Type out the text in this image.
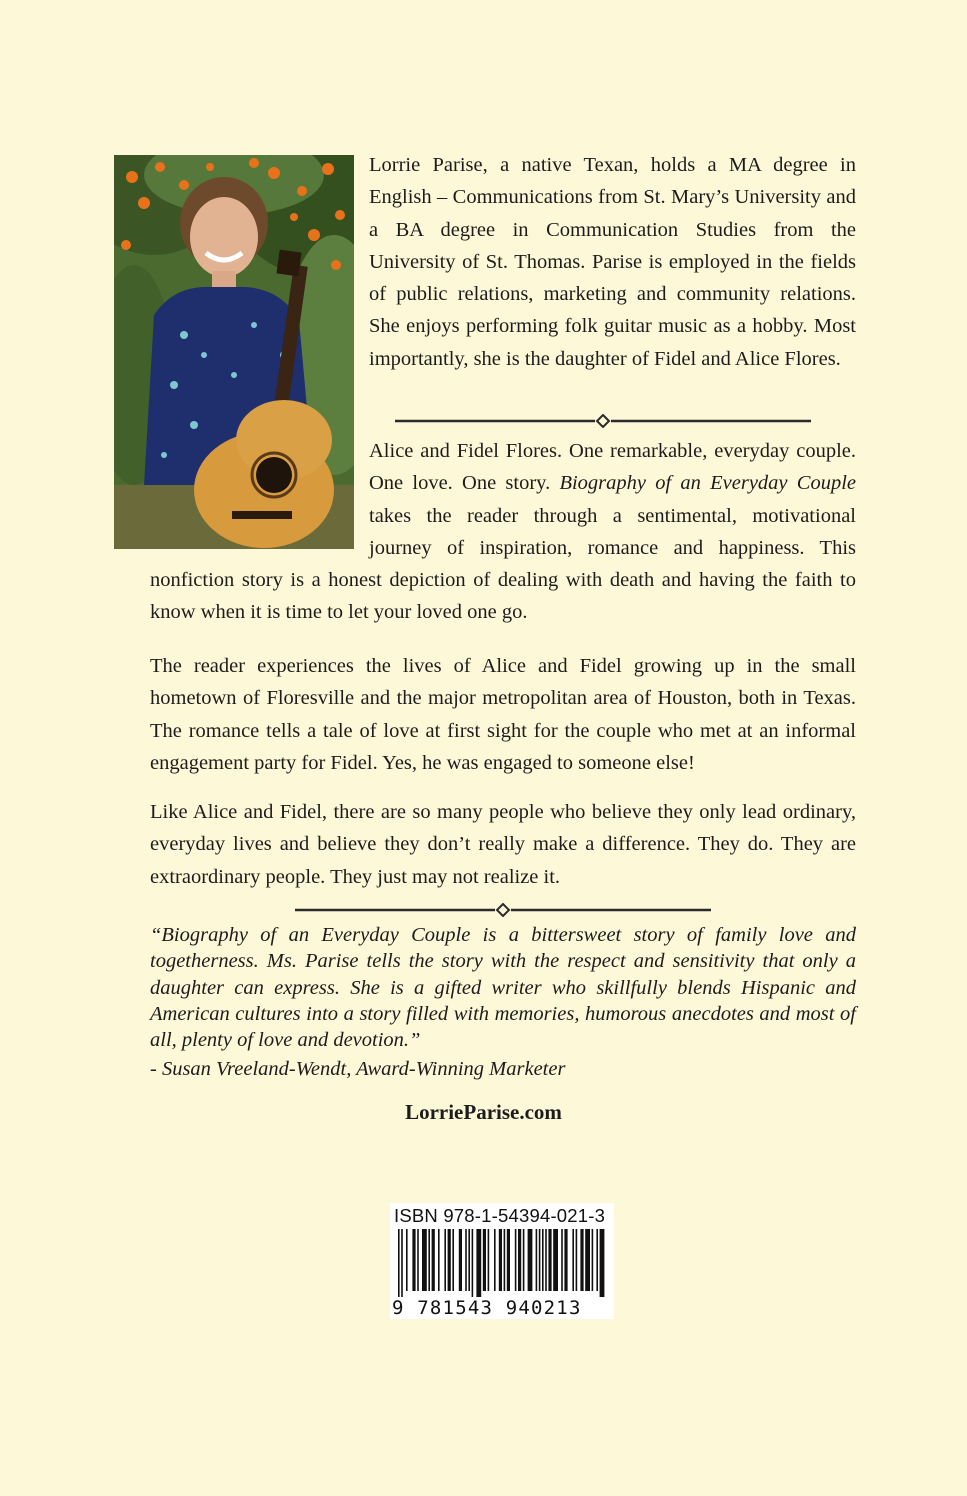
Lorrie Parise, a native Texan, holds a MA degree in English – Communications from St. Mary’s University and a BA degree in Communication Studies from the University of St. Thomas. Parise is employed in the fields of public relations, marketing and community relations. She enjoys performing folk guitar music as a hobby. Most importantly, she is the daughter of Fidel and Alice Flores.

Alice and Fidel Flores. One remarkable, everyday couple. One love. One story. Biography of an Everyday Couple takes the reader through a sentimental, motivational journey of inspiration, romance and happiness. This nonfiction story is a honest depiction of dealing with death and having the faith to know when it is time to let your loved one go.

The reader experiences the lives of Alice and Fidel growing up in the small hometown of Floresville and the major metropolitan area of Houston, both in Texas. The romance tells a tale of love at first sight for the couple who met at an informal engagement party for Fidel. Yes, he was engaged to someone else!

Like Alice and Fidel, there are so many people who believe they only lead ordinary, everyday lives and believe they don’t really make a difference. They do. They are extraordinary people. They just may not realize it.

“Biography of an Everyday Couple is a bittersweet story of family love and togetherness. Ms. Parise tells the story with the respect and sensitivity that only a daughter can express. She is a gifted writer who skillfully blends Hispanic and American cultures into a story filled with memories, humorous anecdotes and most of all, plenty of love and devotion.”

- Susan Vreeland-Wendt, Award-Winning Marketer

LorrieParise.com
ISBN 978-1-54394-021-3
9 781543 940213
